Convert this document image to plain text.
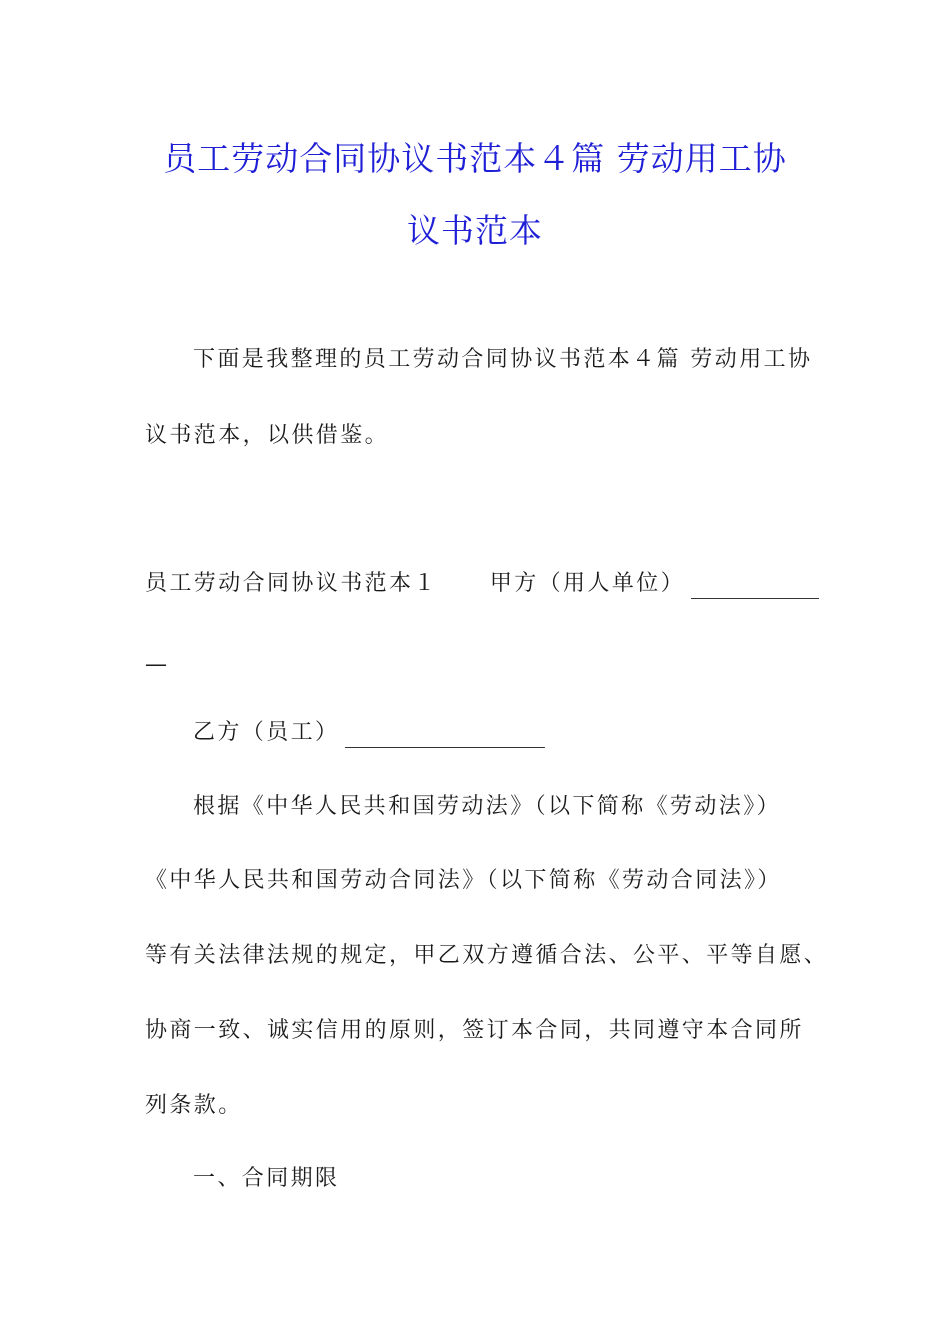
员工劳动合同协议书范本４篇 劳动用工协
议书范本
下面是我整理的员工劳动合同协议书范本４篇 劳动用工协
议书范本，以供借鉴。
员工劳动合同协议书范本１ 甲方（用人单位）
—
乙方（员工）
根据《中华人民共和国劳动法》（以下简称《劳动法》）
《中华人民共和国劳动合同法》（以下简称《劳动合同法》）
等有关法律法规的规定，甲乙双方遵循合法、公平、平等自愿、
协商一致、诚实信用的原则，签订本合同，共同遵守本合同所
列条款。
一、合同期限
